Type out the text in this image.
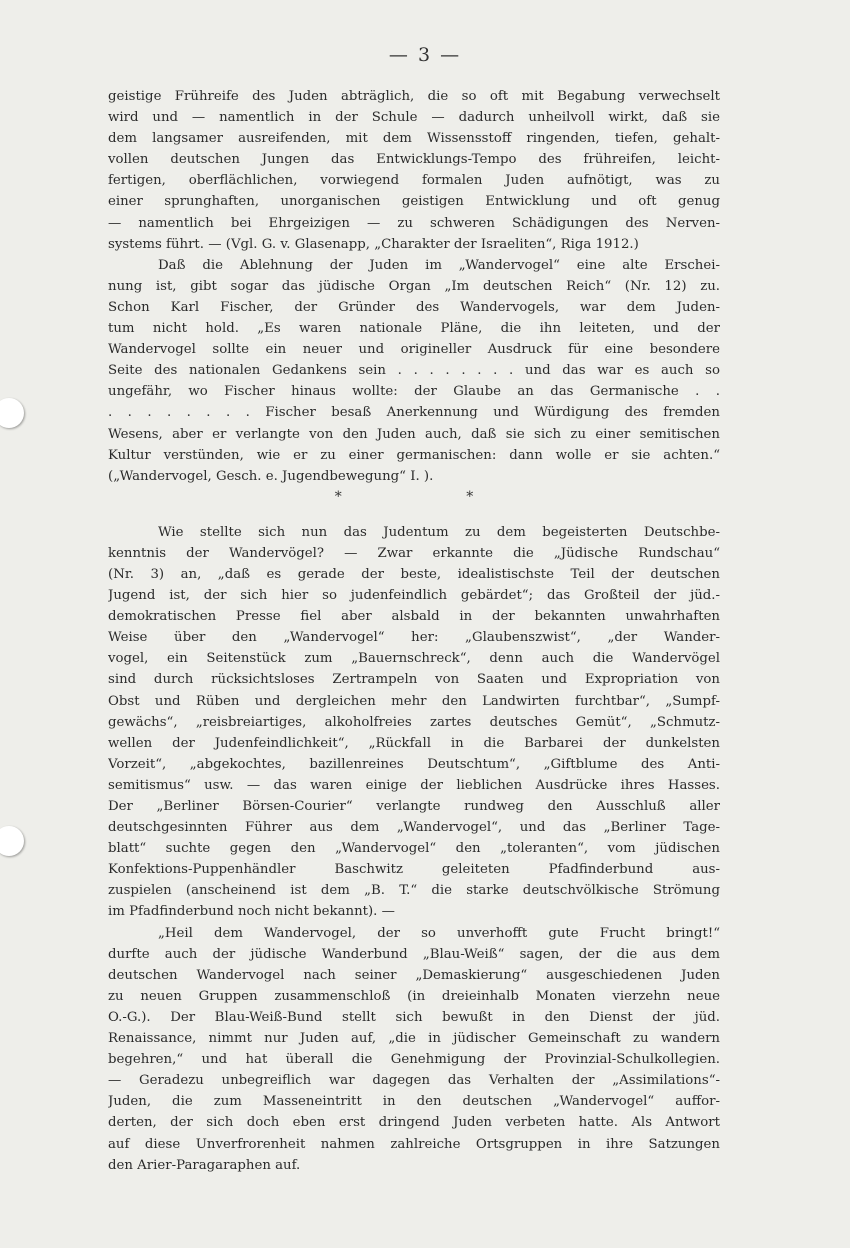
— 3 —
geistige Frühreife des Juden abträglich, die so oft mit Begabung verwechselt
wird und — namentlich in der Schule — dadurch unheilvoll wirkt, daß sie
dem langsamer ausreifenden, mit dem Wissensstoff ringenden, tiefen, gehalt-
vollen deutschen Jungen das Entwicklungs-Tempo des frühreifen, leicht-
fertigen, oberflächlichen, vorwiegend formalen Juden aufnötigt, was zu
einer sprunghaften, unorganischen geistigen Entwicklung und oft genug
— namentlich bei Ehrgeizigen — zu schweren Schädigungen des Nerven-
systems führt. — (Vgl. G. v. Glasenapp, „Charakter der Israeliten“, Riga 1912.)
Daß die Ablehnung der Juden im „Wandervogel“ eine alte Erschei-
nung ist, gibt sogar das jüdische Organ „Im deutschen Reich“ (Nr. 12) zu.
Schon Karl Fischer, der Gründer des Wandervogels, war dem Juden-
tum nicht hold. „Es waren nationale Pläne, die ihn leiteten, und der
Wandervogel sollte ein neuer und origineller Ausdruck für eine besondere
Seite des nationalen Gedankens sein . . . . . . . . und das war es auch so
ungefähr, wo Fischer hinaus wollte: der Glaube an das Germanische . .
. . . . . . . . Fischer besaß Anerkennung und Würdigung des fremden
Wesens, aber er verlangte von den Juden auch, daß sie sich zu einer semitischen
Kultur verstünden, wie er zu einer germanischen: dann wolle er sie achten.“
(„Wandervogel, Gesch. e. Jugendbewegung“ I. ).
* *
Wie stellte sich nun das Judentum zu dem begeisterten Deutschbe-
kenntnis der Wandervögel? — Zwar erkannte die „Jüdische Rundschau“
(Nr. 3) an, „daß es gerade der beste, idealistischste Teil der deutschen
Jugend ist, der sich hier so judenfeindlich gebärdet“; das Großteil der jüd.-
demokratischen Presse fiel aber alsbald in der bekannten unwahrhaften
Weise über den „Wandervogel“ her: „Glaubenszwist“, „der Wander-
vogel, ein Seitenstück zum „Bauernschreck“, denn auch die Wandervögel
sind durch rücksichtsloses Zertrampeln von Saaten und Expropriation von
Obst und Rüben und dergleichen mehr den Landwirten furchtbar“, „Sumpf-
gewächs“, „reisbreiartiges, alkoholfreies zartes deutsches Gemüt“, „Schmutz-
wellen der Judenfeindlichkeit“, „Rückfall in die Barbarei der dunkelsten
Vorzeit“, „abgekochtes, bazillenreines Deutschtum“, „Giftblume des Anti-
semitismus“ usw. — das waren einige der lieblichen Ausdrücke ihres Hasses.
Der „Berliner Börsen-Courier“ verlangte rundweg den Ausschluß aller
deutschgesinnten Führer aus dem „Wandervogel“, und das „Berliner Tage-
blatt“ suchte gegen den „Wandervogel“ den „toleranten“, vom jüdischen
Konfektions-Puppenhändler Baschwitz geleiteten Pfadfinderbund aus-
zuspielen (anscheinend ist dem „B. T.“ die starke deutschvölkische Strömung
im Pfadfinderbund noch nicht bekannt). —
„Heil dem Wandervogel, der so unverhofft gute Frucht bringt!“
durfte auch der jüdische Wanderbund „Blau-Weiß“ sagen, der die aus dem
deutschen Wandervogel nach seiner „Demaskierung“ ausgeschiedenen Juden
zu neuen Gruppen zusammenschloß (in dreieinhalb Monaten vierzehn neue
O.-G.). Der Blau-Weiß-Bund stellt sich bewußt in den Dienst der jüd.
Renaissance, nimmt nur Juden auf, „die in jüdischer Gemeinschaft zu wandern
begehren,“ und hat überall die Genehmigung der Provinzial-Schulkollegien.
— Geradezu unbegreiflich war dagegen das Verhalten der „Assimilations“-
Juden, die zum Masseneintritt in den deutschen „Wandervogel“ auffor-
derten, der sich doch eben erst dringend Juden verbeten hatte. Als Antwort
auf diese Unverfrorenheit nahmen zahlreiche Ortsgruppen in ihre Satzungen
den Arier-Paragaraphen auf.
